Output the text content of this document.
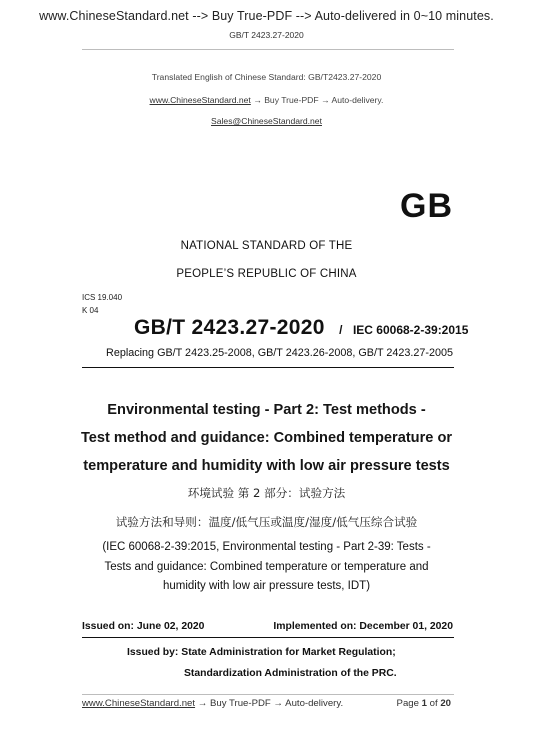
www.ChineseStandard.net --> Buy True-PDF --> Auto-delivered in 0~10 minutes.
GB/T 2423.27-2020
Translated English of Chinese Standard: GB/T2423.27-2020
www.ChineseStandard.net → Buy True-PDF → Auto-delivery.
Sales@ChineseStandard.net
GB
NATIONAL STANDARD OF THE
PEOPLE’S REPUBLIC OF CHINA
ICS 19.040
K 04
GB/T 2423.27-2020 / IEC 60068-2-39:2015
Replacing GB/T 2423.25-2008, GB/T 2423.26-2008, GB/T 2423.27-2005
Environmental testing - Part 2: Test methods -
Test method and guidance: Combined temperature or
temperature and humidity with low air pressure tests
环境试验 第 2 部分：试验方法
试验方法和导则：温度/低气压或温度/湿度/低气压综合试验
(IEC 60068-2-39:2015, Environmental testing - Part 2-39: Tests -
Tests and guidance: Combined temperature or temperature and
humidity with low air pressure tests, IDT)
Issued on: June 02, 2020	Implemented on: December 01, 2020
Issued by: State Administration for Market Regulation;
Standardization Administration of the PRC.
www.ChineseStandard.net → Buy True-PDF → Auto-delivery.	Page 1 of 20
